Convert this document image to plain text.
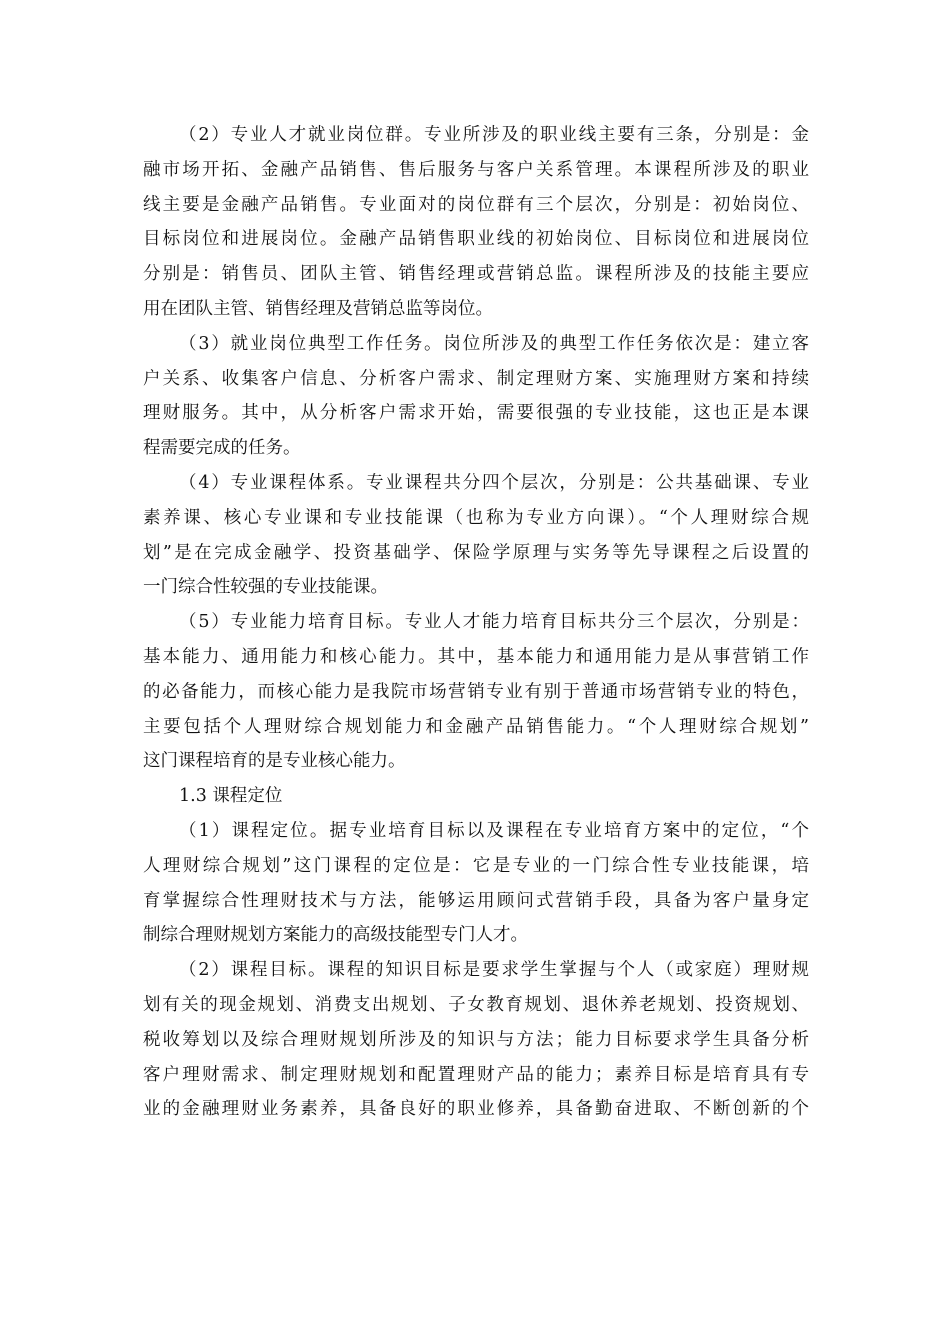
（2）专业人才就业岗位群。专业所涉及的职业线主要有三条，分别是：金
融市场开拓、金融产品销售、售后服务与客户关系管理。本课程所涉及的职业
线主要是金融产品销售。专业面对的岗位群有三个层次，分别是：初始岗位、
目标岗位和进展岗位。金融产品销售职业线的初始岗位、目标岗位和进展岗位
分别是：销售员、团队主管、销售经理或营销总监。课程所涉及的技能主要应
用在团队主管、销售经理及营销总监等岗位。
（3）就业岗位典型工作任务。岗位所涉及的典型工作任务依次是：建立客
户关系、收集客户信息、分析客户需求、制定理财方案、实施理财方案和持续
理财服务。其中，从分析客户需求开始，需要很强的专业技能，这也正是本课
程需要完成的任务。
（4）专业课程体系。专业课程共分四个层次，分别是：公共基础课、专业
素养课、核心专业课和专业技能课（也称为专业方向课）。“个人理财综合规
划”是在完成金融学、投资基础学、保险学原理与实务等先导课程之后设置的
一门综合性较强的专业技能课。
（5）专业能力培育目标。专业人才能力培育目标共分三个层次，分别是：
基本能力、通用能力和核心能力。其中，基本能力和通用能力是从事营销工作
的必备能力，而核心能力是我院市场营销专业有别于普通市场营销专业的特色，
主要包括个人理财综合规划能力和金融产品销售能力。“个人理财综合规划”
这门课程培育的是专业核心能力。
1.3 课程定位
（1）课程定位。据专业培育目标以及课程在专业培育方案中的定位，“个
人理财综合规划”这门课程的定位是：它是专业的一门综合性专业技能课，培
育掌握综合性理财技术与方法，能够运用顾问式营销手段，具备为客户量身定
制综合理财规划方案能力的高级技能型专门人才。
（2）课程目标。课程的知识目标是要求学生掌握与个人（或家庭）理财规
划有关的现金规划、消费支出规划、子女教育规划、退休养老规划、投资规划、
税收筹划以及综合理财规划所涉及的知识与方法；能力目标要求学生具备分析
客户理财需求、制定理财规划和配置理财产品的能力；素养目标是培育具有专
业的金融理财业务素养，具备良好的职业修养，具备勤奋进取、不断创新的个
